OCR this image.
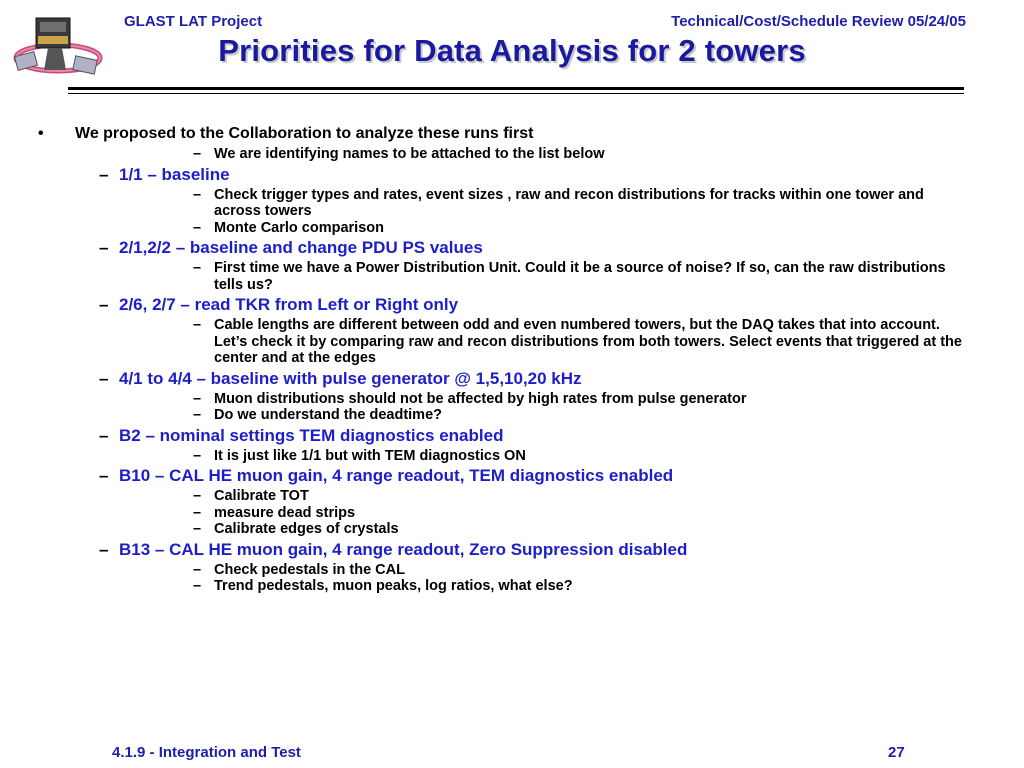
GLAST LAT Project	Technical/Cost/Schedule Review 05/24/05
Priorities for Data Analysis for 2 towers
• We proposed to the Collaboration to analyze these runs first
– We are identifying names to be attached to the list below
– 1/1 – baseline
– Check trigger types and rates, event sizes , raw and recon distributions for tracks within one tower and across towers
– Monte Carlo comparison
– 2/1,2/2 – baseline and change PDU PS values
– First time we have a Power Distribution Unit. Could it be a source of noise? If so, can the raw distributions tells us?
– 2/6, 2/7 – read TKR from Left or Right only
– Cable lengths are different between odd and even numbered towers, but the DAQ takes that into account. Let’s check it by comparing raw and recon distributions from both towers. Select events that triggered at the center and at the edges
– 4/1 to 4/4 – baseline with pulse generator @ 1,5,10,20 kHz
– Muon distributions should not be affected by high rates from pulse generator
– Do we understand the deadtime?
– B2 – nominal settings TEM diagnostics enabled
– It is just like 1/1 but with TEM diagnostics ON
– B10 – CAL HE muon gain, 4 range readout, TEM diagnostics enabled
– Calibrate TOT
– measure dead strips
– Calibrate edges of crystals
– B13 – CAL HE muon gain, 4 range readout, Zero Suppression disabled
– Check pedestals in the CAL
– Trend pedestals, muon peaks, log ratios, what else?
4.1.9 - Integration and Test	27
